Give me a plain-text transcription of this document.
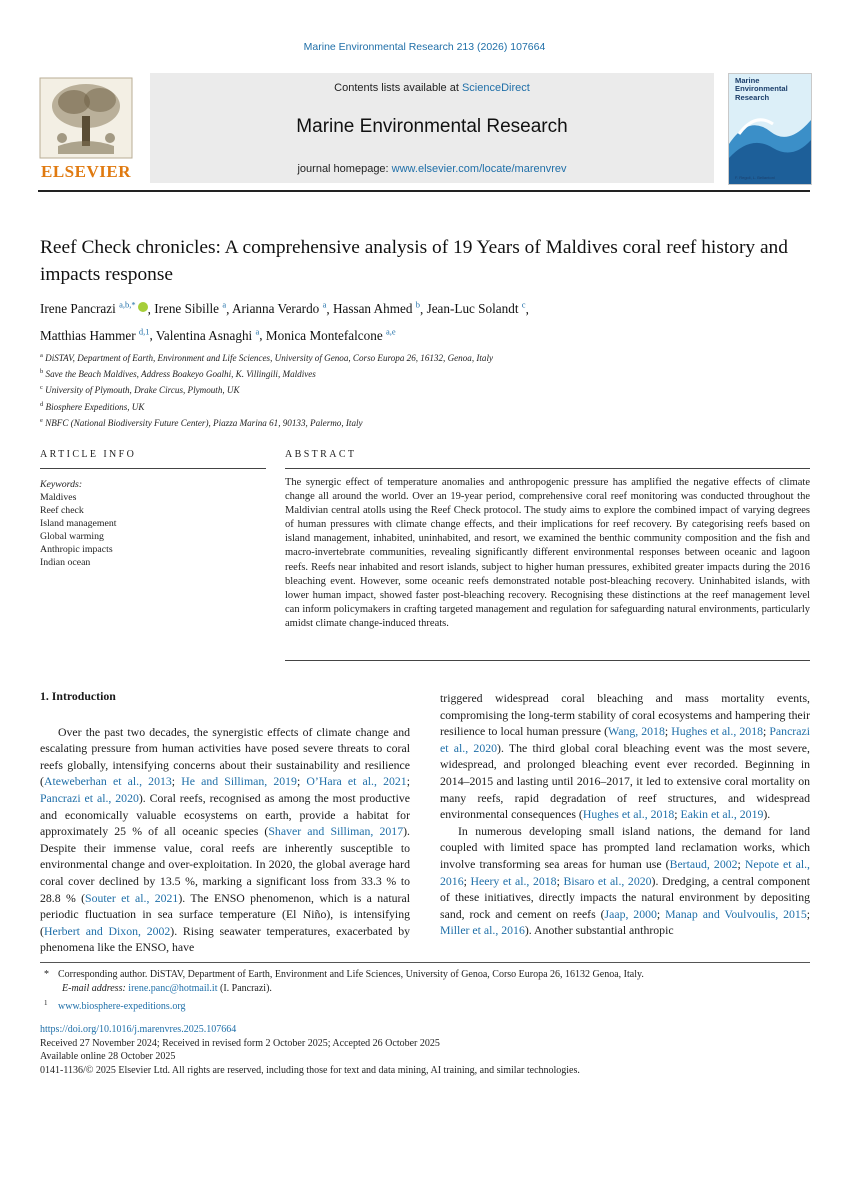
Marine Environmental Research 213 (2026) 107664
ELSEVIER
Contents lists available at ScienceDirect
Marine Environmental Research
journal homepage: www.elsevier.com/locate/marenvrev
Marine Environmental Research
F. Regoli, L. Bellantoni
Reef Check chronicles: A comprehensive analysis of 19 Years of Maldives coral reef history and impacts response
Irene Pancrazi $^{a,b,*}$ , Irene Sibille $^a$, Arianna Verardo $^a$, Hassan Ahmed $^b$, Jean-Luc Solandt $^c$,
Matthias Hammer $^{d,1}$, Valentina Asnaghi $^a$, Monica Montefalcone $^{a,e}$
$^a$ DiSTAV, Department of Earth, Environment and Life Sciences, University of Genoa, Corso Europa 26, 16132, Genoa, Italy
$^b$ Save the Beach Maldives, Address Boakeyo Goalhi, K. Villingili, Maldives
$^c$ University of Plymouth, Drake Circus, Plymouth, UK
$^d$ Biosphere Expeditions, UK
$^e$ NBFC (National Biodiversity Future Center), Piazza Marina 61, 90133, Palermo, Italy
ARTICLE INFO
Keywords:
Maldives
Reef check
Island management
Global warming
Anthropic impacts
Indian ocean
ABSTRACT

The synergic effect of temperature anomalies and anthropogenic pressure has amplified the negative effects of climate change all around the world. Over an 19-year period, comprehensive coral reef monitoring was conducted throughout the Maldivian central atolls using the Reef Check protocol. The study aims to explore the combined impact of varying degrees of human pressures with climate change effects, and their implications for reef recovery. By categorising reefs based on island management, inhabited, uninhabited, and resort, we examined the benthic community composition and the fish and macro-invertebrate communities, revealing significantly different environmental responses between oceanic and lagoon reefs. Reefs near inhabited and resort islands, subject to higher human pressures, exhibited greater impacts during the 2016 bleaching event. However, some oceanic reefs demonstrated notable post-bleaching recovery. Uninhabited islands, with lower human impact, showed faster post-bleaching recovery. Recognising these distinctions at the reef management level can inform policymakers in crafting targeted management and regulation for safeguarding natural environments, particularly amidst climate change-induced threats.

1. Introduction

Over the past two decades, the synergistic effects of climate change and escalating pressure from human activities have posed severe threats to coral reefs globally, intensifying concerns about their sustainability and resilience (Ateweberhan et al., 2013; He and Silliman, 2019; O’Hara et al., 2021; Pancrazi et al., 2020). Coral reefs, recognised as among the most productive and economically valuable ecosystems on earth, provide a habitat for approximately 25 % of all oceanic species (Shaver and Silliman, 2017). Despite their immense value, coral reefs are inherently susceptible to environmental change and over-exploitation. In 2020, the global average hard coral cover declined by 13.5 %, marking a significant loss from 33.3 % to 28.8 % (Souter et al., 2021). The ENSO phenomenon, which is a natural periodic fluctuation in sea surface temperature (El Niño), is intensifying (Herbert and Dixon, 2002). Rising seawater temperatures, exacerbated by phenomena like the ENSO, have

triggered widespread coral bleaching and mass mortality events, compromising the long-term stability of coral ecosystems and hampering their resilience to local human pressure (Wang, 2018; Hughes et al., 2018; Pancrazi et al., 2020). The third global coral bleaching event was the most severe, widespread, and prolonged bleaching event ever recorded. Beginning in 2014–2015 and lasting until 2016–2017, it led to extensive coral mortality on many reefs, rapid degradation of reef structures, and widespread environmental consequences (Hughes et al., 2018; Eakin et al., 2019).

In numerous developing small island nations, the demand for land coupled with limited space has prompted land reclamation works, which involve transforming sea areas for human use (Bertaud, 2002; Nepote et al., 2016; Heery et al., 2018; Bisaro et al., 2020). Dredging, a central component of these initiatives, directly impacts the natural environment by depositing sand, rock and cement on reefs (Jaap, 2000; Manap and Voulvoulis, 2015; Miller et al., 2016). Another substantial anthropic

* Corresponding author. DiSTAV, Department of Earth, Environment and Life Sciences, University of Genoa, Corso Europa 26, 16132 Genoa, Italy.
E-mail address: irene.panc@hotmail.it (I. Pancrazi).
1 www.biosphere-expeditions.org
https://doi.org/10.1016/j.marenvres.2025.107664
Received 27 November 2024; Received in revised form 2 October 2025; Accepted 26 October 2025
Available online 28 October 2025
0141-1136/© 2025 Elsevier Ltd. All rights are reserved, including those for text and data mining, AI training, and similar technologies.
